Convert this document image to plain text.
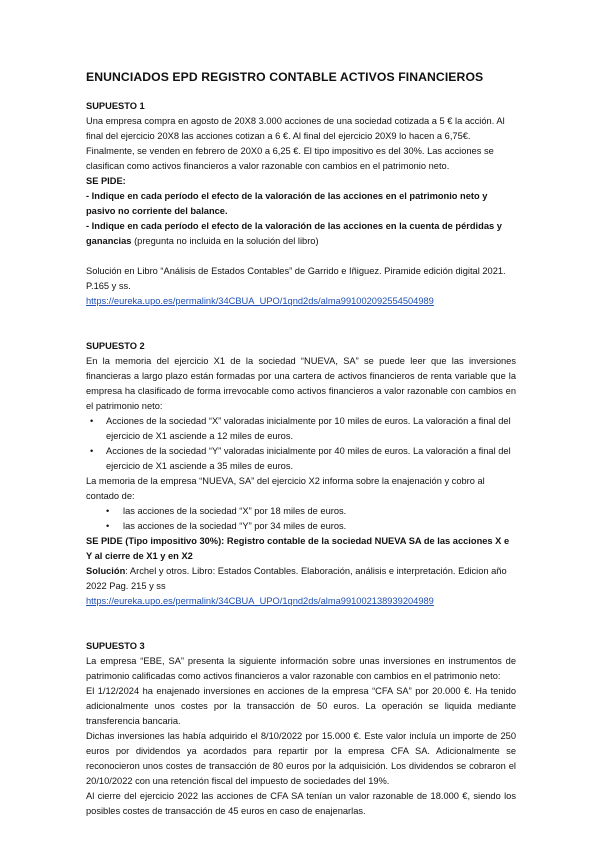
ENUNCIADOS EPD REGISTRO CONTABLE ACTIVOS FINANCIEROS

SUPUESTO 1

Una empresa compra en agosto de 20X8 3.000 acciones de una sociedad cotizada a 5 € la acción. Al final del ejercicio 20X8 las acciones cotizan a 6 €. Al final del ejercicio 20X9 lo hacen a 6,75€. Finalmente, se venden en febrero de 20X0 a 6,25 €. El tipo impositivo es del 30%. Las acciones se clasifican como activos financieros a valor razonable con cambios en el patrimonio neto.

SE PIDE:

- Indique en cada período el efecto de la valoración de las acciones en el patrimonio neto y pasivo no corriente del balance.

- Indique en cada período el efecto de la valoración de las acciones en la cuenta de pérdidas y ganancias (pregunta no incluida en la solución del libro)

Solución en Libro “Análisis de Estados Contables” de Garrido e Iñiguez. Piramide edición digital 2021. P.165 y ss.

https://eureka.upo.es/permalink/34CBUA_UPO/1qnd2ds/alma991002092554504989

SUPUESTO 2

En la memoria del ejercicio X1 de la sociedad “NUEVA, SA” se puede leer que las inversiones financieras a largo plazo están formadas por una cartera de activos financieros de renta variable que la empresa ha clasificado de forma irrevocable como activos financieros a valor razonable con cambios en el patrimonio neto:

• Acciones de la sociedad “X” valoradas inicialmente por 10 miles de euros. La valoración a final del ejercicio de X1 asciende a 12 miles de euros.
• Acciones de la sociedad “Y” valoradas inicialmente por 40 miles de euros. La valoración a final del ejercicio de X1 asciende a 35 miles de euros.

La memoria de la empresa “NUEVA, SA” del ejercicio X2 informa sobre la enajenación y cobro al contado de:

• las acciones de la sociedad “X” por 18 miles de euros.
• las acciones de la sociedad “Y” por 34 miles de euros.

SE PIDE (Tipo impositivo 30%): Registro contable de la sociedad NUEVA SA de las acciones X e Y al cierre de X1 y en X2

Solución: Archel y otros. Libro: Estados Contables. Elaboración, análisis e interpretación. Edicion año 2022 Pag. 215 y ss

https://eureka.upo.es/permalink/34CBUA_UPO/1qnd2ds/alma991002138939204989

SUPUESTO 3

La empresa “EBE, SA” presenta la siguiente información sobre unas inversiones en instrumentos de patrimonio calificadas como activos financieros a valor razonable con cambios en el patrimonio neto:

El 1/12/2024 ha enajenado inversiones en acciones de la empresa “CFA SA” por 20.000 €. Ha tenido adicionalmente unos costes por la transacción de 50 euros. La operación se liquida mediante transferencia bancaria.

Dichas inversiones las había adquirido el 8/10/2022 por 15.000 €. Este valor incluía un importe de 250 euros por dividendos ya acordados para repartir por la empresa CFA SA. Adicionalmente se reconocieron unos costes de transacción de 80 euros por la adquisición. Los dividendos se cobraron el 20/10/2022 con una retención fiscal del impuesto de sociedades del 19%.

Al cierre del ejercicio 2022 las acciones de CFA SA tenían un valor razonable de 18.000 €, siendo los posibles costes de transacción de 45 euros en caso de enajenarlas.
